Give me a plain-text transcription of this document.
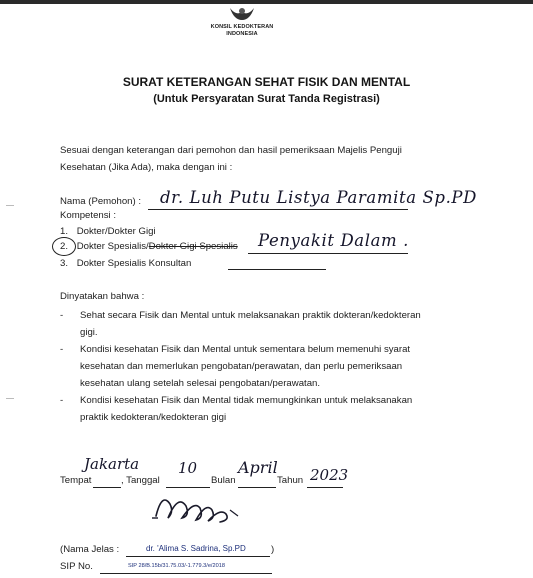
KONSIL KEDOKTERAN
INDONESIA
SURAT KETERANGAN SEHAT FISIK DAN MENTAL
(Untuk Persyaratan Surat Tanda Registrasi)
Sesuai dengan keterangan dari pemohon dan hasil pemeriksaan Majelis Penguji
Kesehatan (Jika Ada), maka dengan ini :
Nama (Pemohon) : dr. Luh Putu Listya Paramita Sp.PD
Kompetensi :
1. Dokter/Dokter Gigi
2. Dokter Spesialis/Dokter Gigi Spesialis Penyakit Dalam .
3. Dokter Spesialis Konsultan
Dinyatakan bahwa :
- Sehat secara Fisik dan Mental untuk melaksanakan praktik dokteran/kedokteran
gigi.
- Kondisi kesehatan Fisik dan Mental untuk sementara belum memenuhi syarat
kesehatan dan memerlukan pengobatan/perawatan, dan perlu pemeriksaan
kesehatan ulang setelah selesai pengobatan/perawatan.
- Kondisi kesehatan Fisik dan Mental tidak memungkinkan untuk melaksanakan
praktik kedokteran/kedokteran gigi
Tempat
Jakarta
, Tanggal
10
Bulan
April
Tahun 2023
(Nama Jelas :	dr. 'Alima S. Sadrina, Sp.PD	)
SIP No.	SIP 28/B.15b/31.75.03/-1.779.3/e/2018
